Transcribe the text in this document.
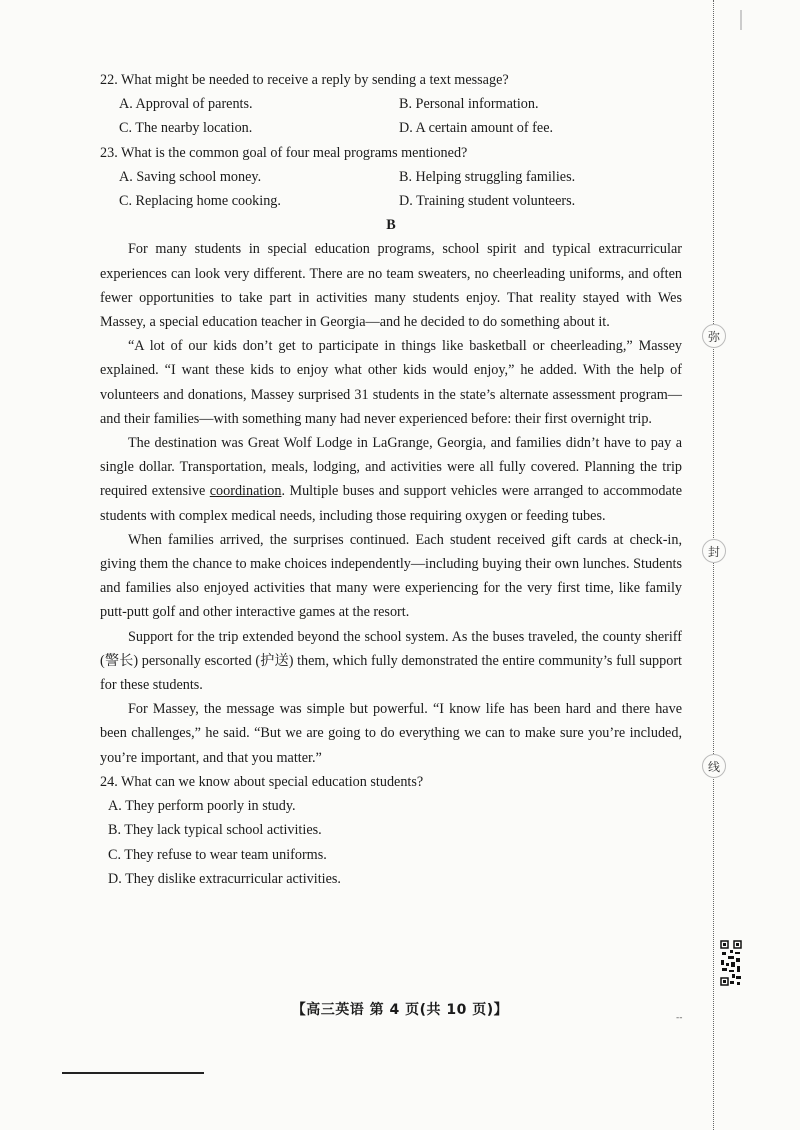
22. What might be needed to receive a reply by sending a text message?

A. Approval of parents.	B. Personal information.
C. The nearby location.	D. A certain amount of fee.

23. What is the common goal of four meal programs mentioned?

A. Saving school money.	B. Helping struggling families.
C. Replacing home cooking.	D. Training student volunteers.

B

For many students in special education programs, school spirit and typical extracurricular experiences can look very different. There are no team sweaters, no cheerleading uniforms, and often fewer opportunities to take part in activities many students enjoy. That reality stayed with Wes Massey, a special education teacher in Georgia—and he decided to do something about it.

“A lot of our kids don’t get to participate in things like basketball or cheerleading,” Massey explained. “I want these kids to enjoy what other kids would enjoy,” he added. With the help of volunteers and donations, Massey surprised 31 students in the state’s alternate assessment program—and their families—with something many had never experienced before: their first overnight trip.

The destination was Great Wolf Lodge in LaGrange, Georgia, and families didn’t have to pay a single dollar. Transportation, meals, lodging, and activities were all fully covered. Planning the trip required extensive coordination. Multiple buses and support vehicles were arranged to accommodate students with complex medical needs, including those requiring oxygen or feeding tubes.

When families arrived, the surprises continued. Each student received gift cards at check-in, giving them the chance to make choices independently—including buying their own lunches. Students and families also enjoyed activities that many were experiencing for the very first time, like family putt-putt golf and other interactive games at the resort.

Support for the trip extended beyond the school system. As the buses traveled, the county sheriff (警长) personally escorted (护送) them, which fully demonstrated the entire community’s full support for these students.

For Massey, the message was simple but powerful. “I know life has been hard and there have been challenges,” he said. “But we are going to do everything we can to make sure you’re included, you’re important, and that you matter.”

24. What can we know about special education students?

A. They perform poorly in study.
B. They lack typical school activities.
C. They refuse to wear team uniforms.
D. They dislike extracurricular activities.
【高三英语 第 4 页(共 10 页)】
弥
封
线
--
